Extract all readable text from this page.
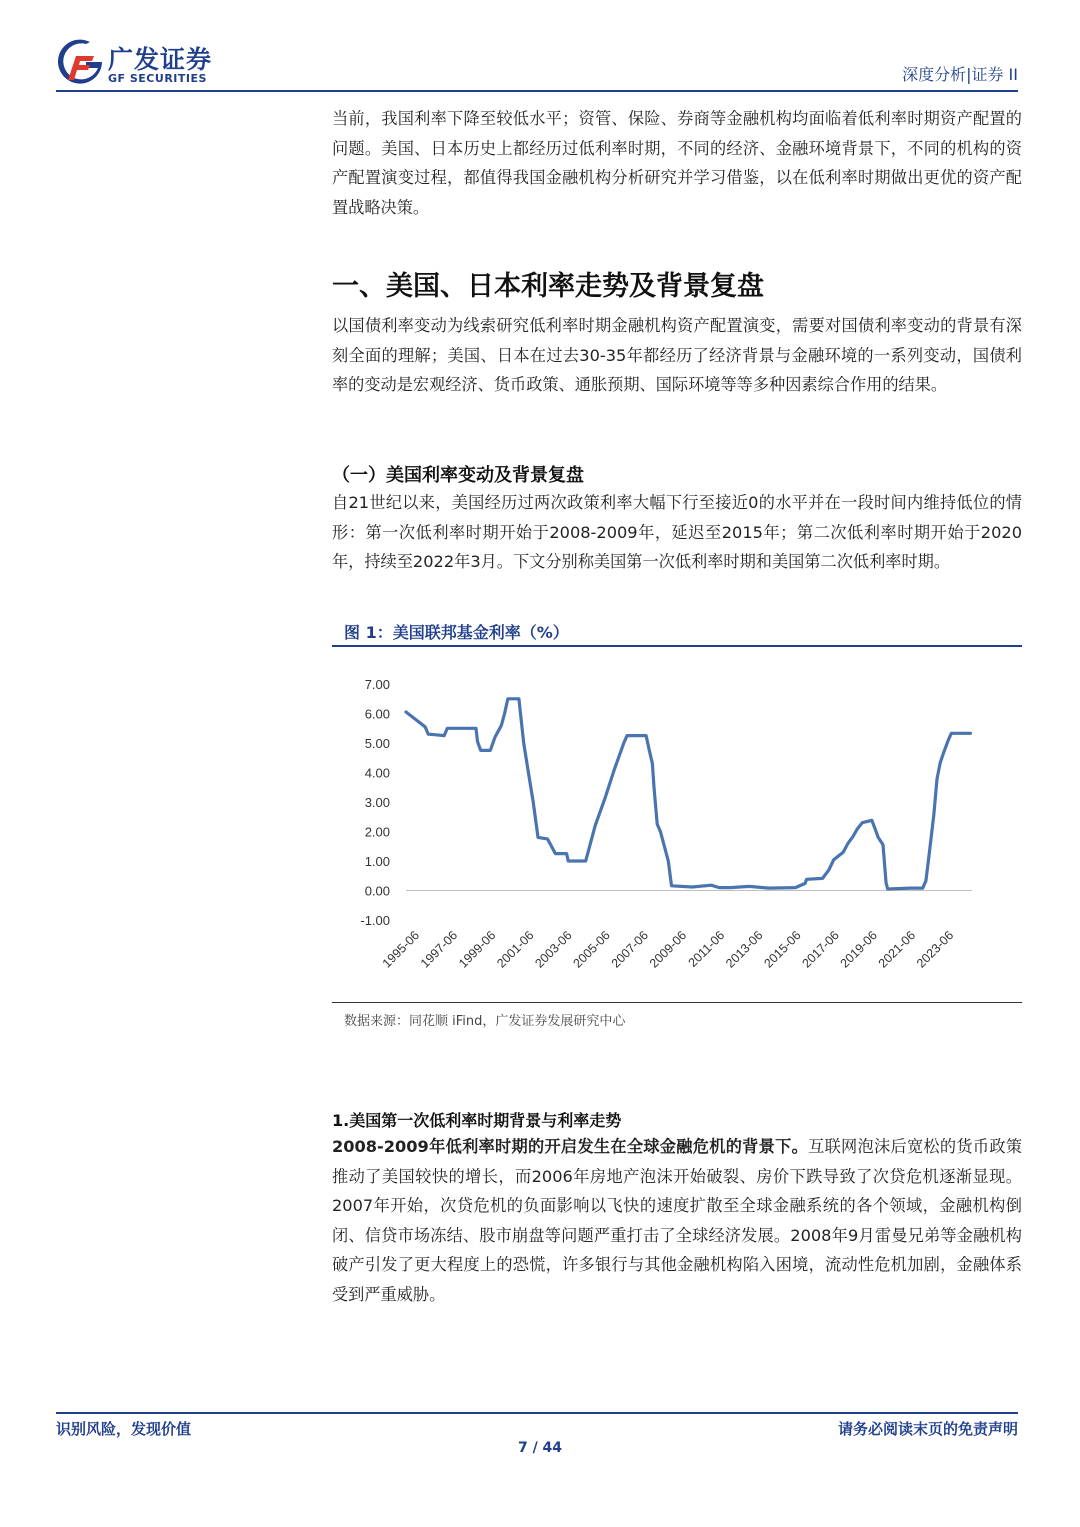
广发证券
GF SECURITIES	深度分析|证券 II

当前，我国利率下降至较低水平；资管、保险、券商等金融机构均面临着低利率时期资产配置的问题。美国、日本历史上都经历过低利率时期，不同的经济、金融环境背景下，不同的机构的资产配置演变过程，都值得我国金融机构分析研究并学习借鉴，以在低利率时期做出更优的资产配置战略决策。

一、美国、日本利率走势及背景复盘

以国债利率变动为线索研究低利率时期金融机构资产配置演变，需要对国债利率变动的背景有深刻全面的理解；美国、日本在过去30-35年都经历了经济背景与金融环境的一系列变动，国债利率的变动是宏观经济、货币政策、通胀预期、国际环境等等多种因素综合作用的结果。

（一）美国利率变动及背景复盘

自21世纪以来，美国经历过两次政策利率大幅下行至接近0的水平并在一段时间内维持低位的情形：第一次低利率时期开始于2008-2009年，延迟至2015年；第二次低利率时期开始于2020年，持续至2022年3月。下文分别称美国第一次低利率时期和美国第二次低利率时期。

图 1：美国联邦基金利率（%）
7.00
6.00
5.00
4.00
3.00
2.00
1.00
0.00
-1.00
1995-06
1997-06
1999-06
2001-06
2003-06
2005-06
2007-06
2009-06
2011-06
2013-06
2015-06
2017-06
2019-06
2021-06
2023-06
数据来源：同花顺 iFind，广发证券发展研究中心
1.美国第一次低利率时期背景与利率走势

2008-2009年低利率时期的开启发生在全球金融危机的背景下。互联网泡沫后宽松的货币政策推动了美国较快的增长，而2006年房地产泡沫开始破裂、房价下跌导致了次贷危机逐渐显现。2007年开始，次贷危机的负面影响以飞快的速度扩散至全球金融系统的各个领域，金融机构倒闭、信贷市场冻结、股市崩盘等问题严重打击了全球经济发展。2008年9月雷曼兄弟等金融机构破产引发了更大程度上的恐慌，许多银行与其他金融机构陷入困境，流动性危机加剧，金融体系受到严重威胁。

识别风险，发现价值	请务必阅读末页的免责声明
7 / 44
